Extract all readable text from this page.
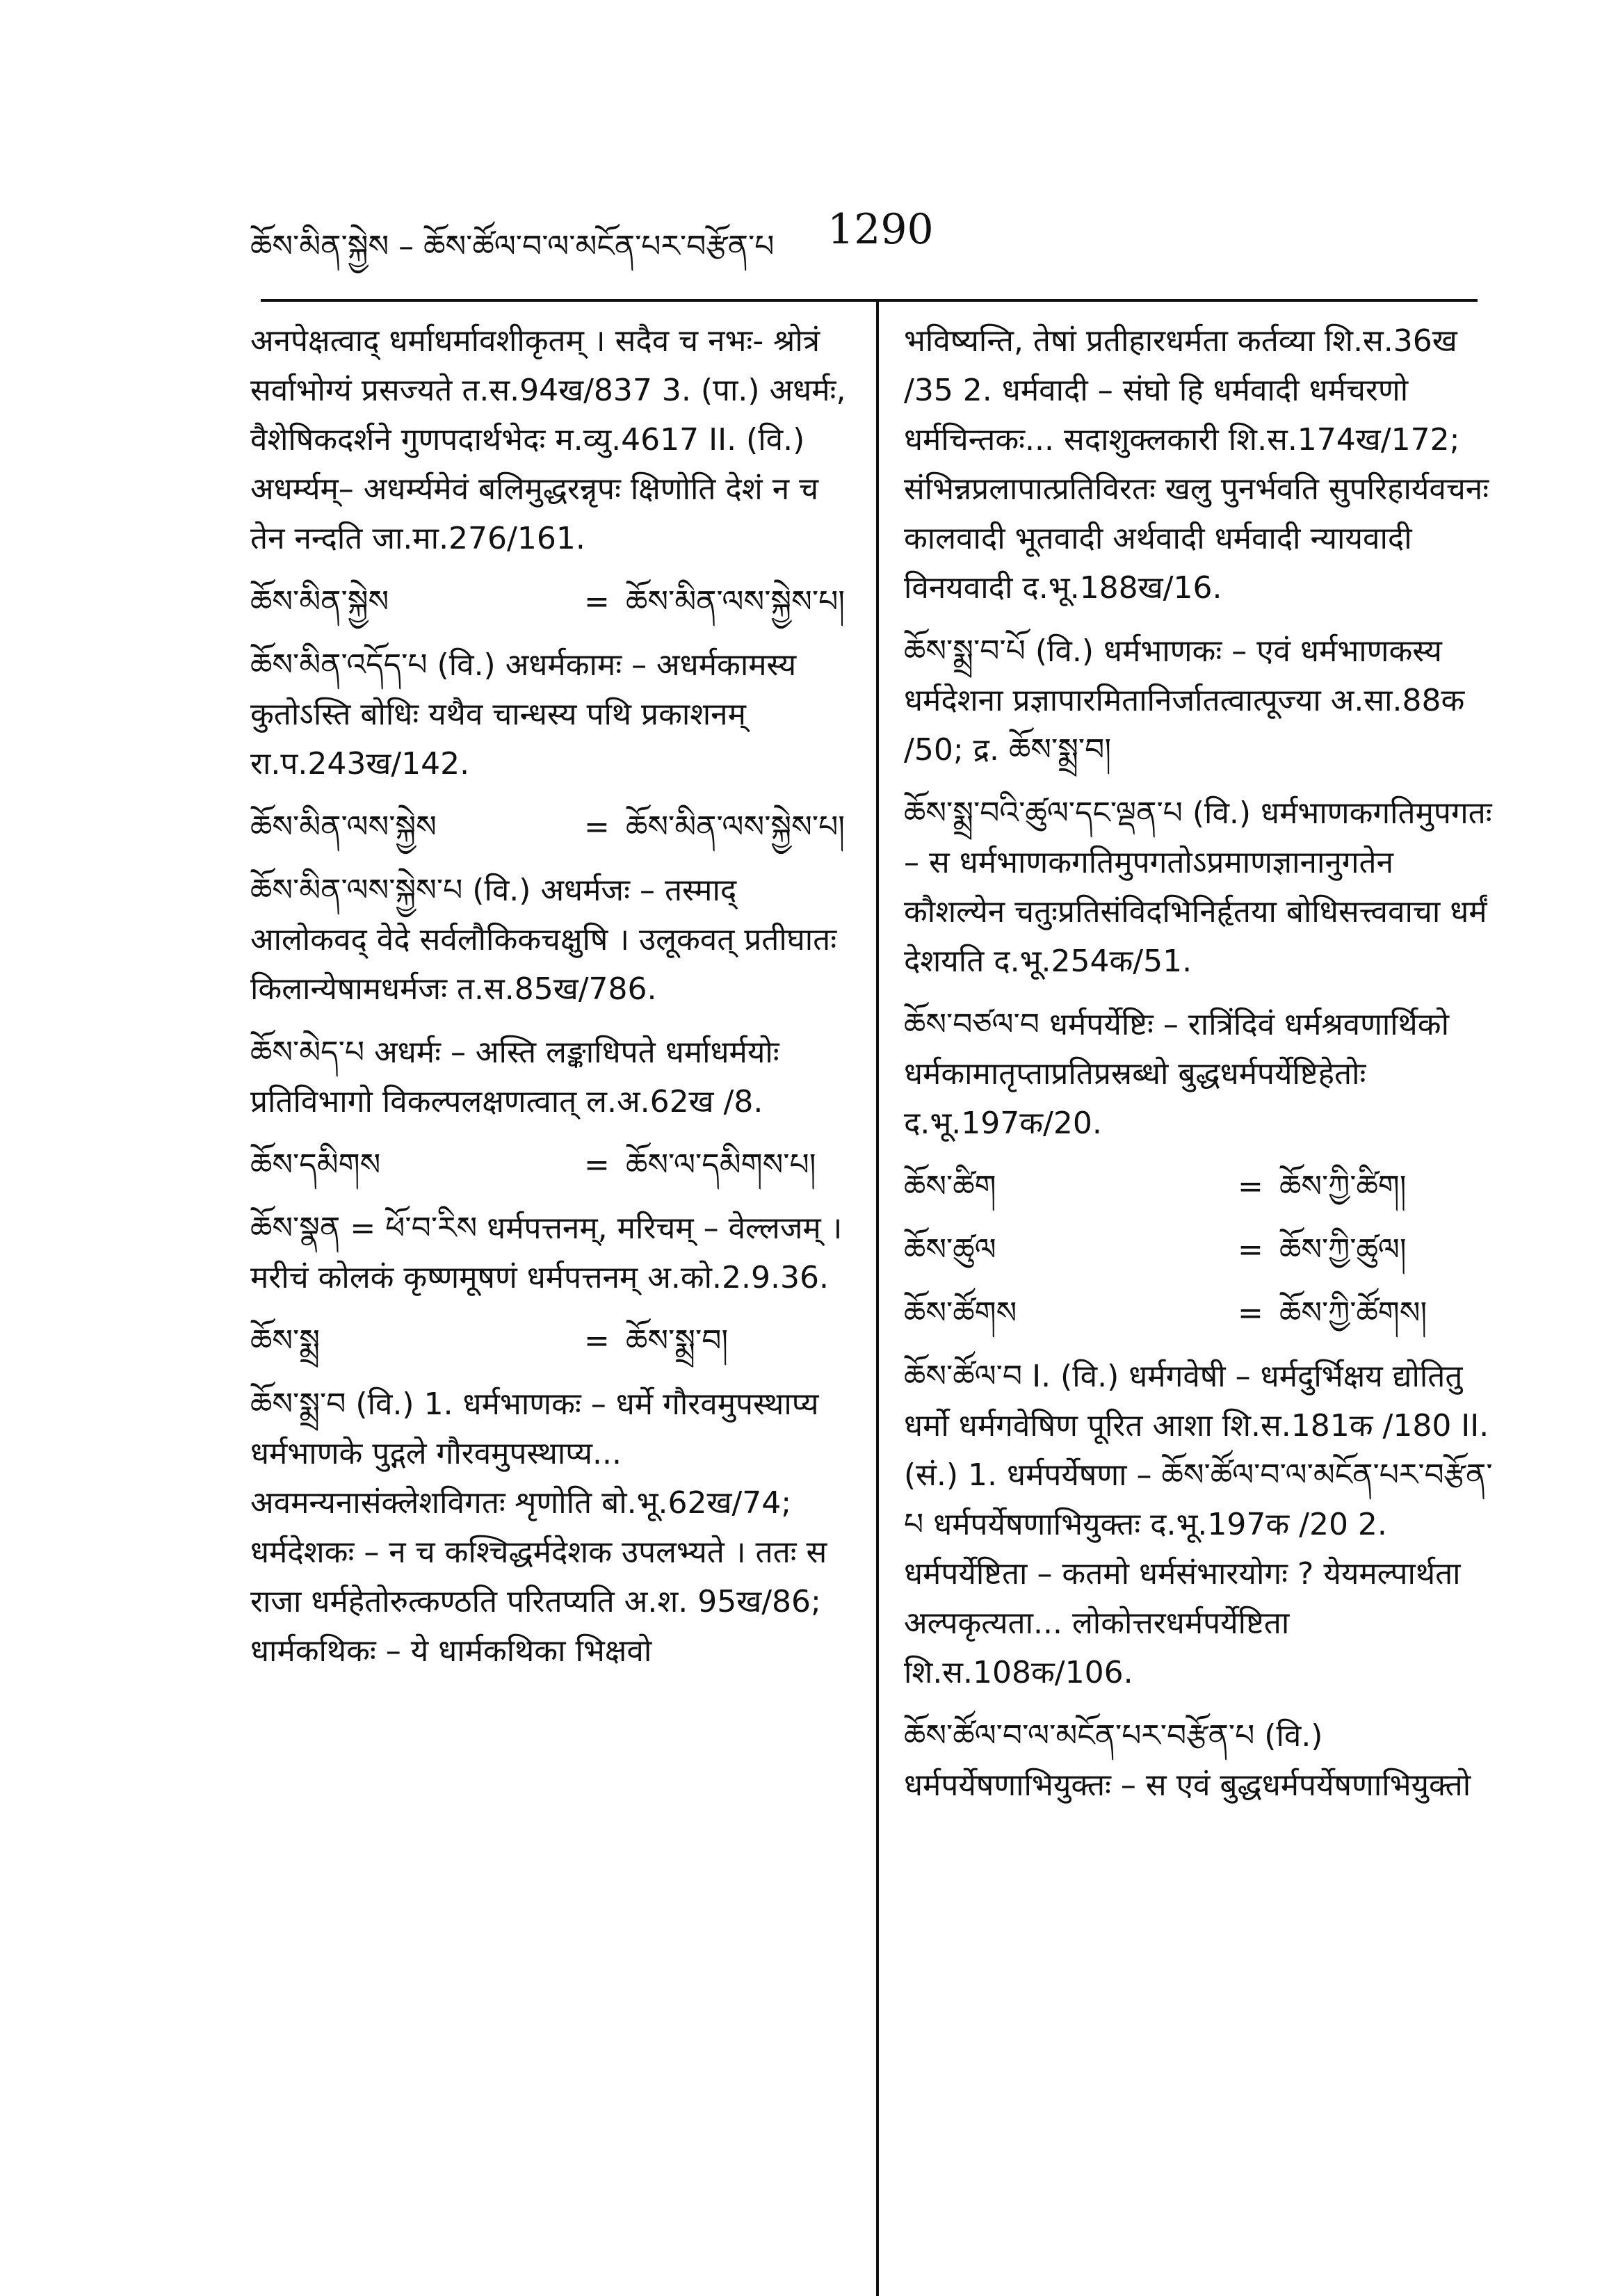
ཆོས་མིན་སྐྱེས – ཆོས་ཚོལ་བ་ལ་མངོན་པར་བརྩོན་པ 1290
अनपेक्षत्वाद् धर्माधर्मावशीकृतम् । सदैव च नभः- श्रोत्रं सर्वाभोग्यं प्रसज्यते त.स.94ख/837 3. (पा.) अधर्मः, वैशेषिकदर्शने गुणपदार्थभेदः म.व्यु.4617 II. (वि.) अधर्म्यम्– अधर्म्यमेवं बलिमुद्धरन्नृपः क्षिणोति देशं न च तेन नन्दति जा.मा.276/161.
ཆོས་མིན་སྐྱེས	= ཆོས་མིན་ལས་སྐྱེས་པ།
ཆོས་མིན་འདོད་པ (वि.) अधर्मकामः – अधर्मकामस्य कुतोऽस्ति बोधिः यथैव चान्धस्य पथि प्रकाशनम् रा.प.243ख/142.
ཆོས་མིན་ལས་སྐྱེས	= ཆོས་མིན་ལས་སྐྱེས་པ།
ཆོས་མིན་ལས་སྐྱེས་པ (वि.) अधर्मजः – तस्माद् आलोकवद् वेदे सर्वलौकिकचक्षुषि । उलूकवत् प्रतीघातः किलान्येषामधर्मजः त.स.85ख/786.
ཆོས་མེད་པ अधर्मः – अस्ति लङ्काधिपते धर्माधर्मयोः प्रतिविभागो विकल्पलक्षणत्वात् ल.अ.62ख /8.
ཆོས་དམིགས	= ཆོས་ལ་དམིགས་པ།
ཆོས་སྣན = ཕོ་བ་རིས धर्मपत्तनम्, मरिचम् – वेल्लजम् । मरीचं कोलकं कृष्णमूषणं धर्मपत्तनम् अ.को.2.9.36.
ཆོས་སྨྲ	= ཆོས་སྨྲ་བ།
ཆོས་སྨྲ་བ (वि.) 1. धर्मभाणकः – धर्मे गौरवमुपस्थाप्य धर्मभाणके पुद्गले गौरवमुपस्थाप्य... अवमन्यनासंक्लेशविगतः शृणोति बो.भू.62ख/74; धर्मदेशकः – न च कश्चिद्धर्मदेशक उपलभ्यते । ततः स राजा धर्महेतोरुत्कण्ठति परितप्यति अ.श. 95ख/86; धार्मकथिकः – ये धार्मकथिका भिक्षवो
भविष्यन्ति, तेषां प्रतीहारधर्मता कर्तव्या शि.स.36ख /35 2. धर्मवादी – संघो हि धर्मवादी धर्मचरणो धर्मचिन्तकः... सदाशुक्लकारी शि.स.174ख/172; संभिन्नप्रलापात्प्रतिविरतः खलु पुनर्भवति सुपरिहार्यवचनः कालवादी भूतवादी अर्थवादी धर्मवादी न्यायवादी विनयवादी द.भू.188ख/16.
ཆོས་སྨྲ་བ་པོ (वि.) धर्मभाणकः – एवं धर्मभाणकस्य धर्मदेशना प्रज्ञापारमितानिर्जातत्वात्पूज्या अ.सा.88क /50; द्र. ཆོས་སྨྲ་བ།
ཆོས་སྨྲ་བའི་ཚུལ་དང་ལྡན་པ (वि.) धर्मभाणकगतिमुपगतः – स धर्मभाणकगतिमुपगतोऽप्रमाणज्ञानानुगतेन कौशल्येन चतुःप्रतिसंविदभिनिर्हृतया बोधिसत्त्ववाचा धर्मं देशयति द.भू.254क/51.
ཆོས་བཙལ་བ धर्मपर्येष्टिः – रात्रिंदिवं धर्मश्रवणार्थिको धर्मकामातृप्ताप्रतिप्रस्रब्धो बुद्धधर्मपर्येष्टिहेतोः द.भू.197क/20.
ཆོས་ཚིག	= ཆོས་ཀྱི་ཚིག།
ཆོས་ཚུལ	= ཆོས་ཀྱི་ཚུལ།
ཆོས་ཚོགས	= ཆོས་ཀྱི་ཚོགས།
ཆོས་ཚོལ་བ I. (वि.) धर्मगवेषी – धर्मदुर्भिक्षय द्योतितु धर्मो धर्मगवेषिण पूरित आशा शि.स.181क /180 II. (सं.) 1. धर्मपर्येषणा – ཆོས་ཚོལ་བ་ལ་མངོན་པར་བརྩོན་པ धर्मपर्येषणाभियुक्तः द.भू.197क /20 2. धर्मपर्येष्टिता – कतमो धर्मसंभारयोगः ? येयमल्पार्थता अल्पकृत्यता... लोकोत्तरधर्मपर्येष्टिता शि.स.108क/106.
ཆོས་ཚོལ་བ་ལ་མངོན་པར་བརྩོན་པ (वि.) धर्मपर्येषणाभियुक्तः – स एवं बुद्धधर्मपर्येषणाभियुक्तो
